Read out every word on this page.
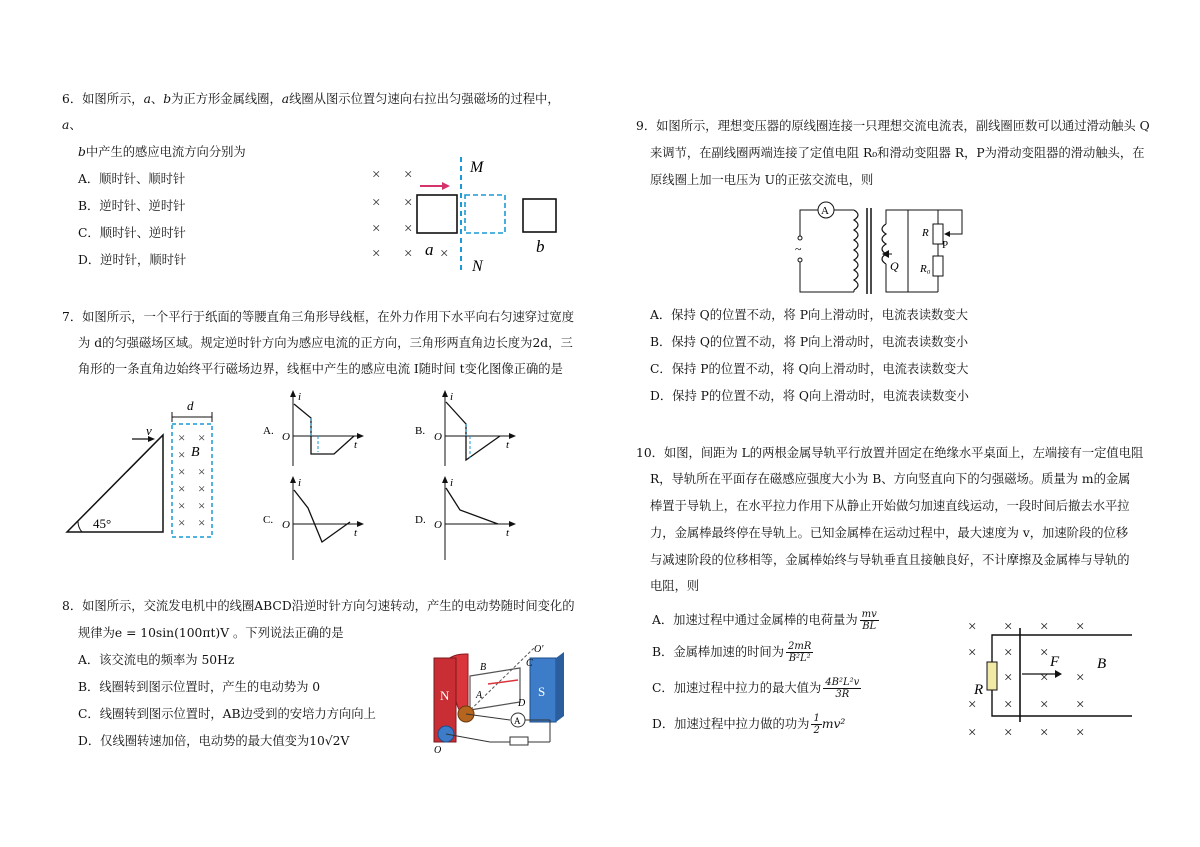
6．如图所示，𝑎、𝑏为正方形金属线圈，𝑎线圈从图示位置匀速向右拉出匀强磁场的过程中，
𝑎、
𝑏中产生的感应电流方向分别为
A．顺时针、顺时针
B．逆时针、逆时针
C．顺时针、逆时针
D．逆时针，顺时针
× ×
× ×
× ×
× × ×
M
N
a	b
7．如图所示，一个平行于纸面的等腰直角三角形导线框，在外力作用下水平向右匀速穿过宽度
为 d的匀强磁场区域。规定逆时针方向为感应电流的正方向，三角形两直角边长度为2d，三
角形的一条直角边始终平行磁场边界，线框中产生的感应电流 I随时间 t变化图像正确的是
45°
v
d
× ×
×
× ×
× ×
× ×
× ×
B
A.
i
O
t
B.
i
O
t
C.
i
O
t
D.
i
O
t
8．如图所示，交流发电机中的线圈ABCD沿逆时针方向匀速转动，产生的电动势随时间变化的
规律为e = 10sin(100πt)V 。下列说法正确的是
A．该交流电的频率为 50Hz
B．线圈转到图示位置时，产生的电动势为 0
C．线圈转到图示位置时，AB边受到的安培力方向向上
D．仅线圈转速加倍，电动势的最大值变为10√2V
N	S
B	C
D
A
O'
A
O
9．如图所示，理想变压器的原线圈连接一只理想交流电流表，副线圈匝数可以通过滑动触头 Q
来调节，在副线圈两端连接了定值电阻 R₀和滑动变阻器 R，P为滑动变阻器的滑动触头，在
原线圈上加一电压为 U的正弦交流电，则
~
A
Q
R
P
R₀
A．保持 Q的位置不动，将 P向上滑动时，电流表读数变大
B．保持 Q的位置不动，将 P向上滑动时，电流表读数变小
C．保持 P的位置不动，将 Q向上滑动时，电流表读数变大
D．保持 P的位置不动，将 Q向上滑动时，电流表读数变小
10．如图，间距为 L的两根金属导轨平行放置并固定在绝缘水平桌面上，左端接有一定值电阻
R，导轨所在平面存在磁感应强度大小为 B、方向竖直向下的匀强磁场。质量为 m的金属
棒置于导轨上，在水平拉力作用下从静止开始做匀加速直线运动，一段时间后撤去水平拉
力，金属棒最终停在导轨上。已知金属棒在运动过程中，最大速度为 v，加速阶段的位移
与减速阶段的位移相等，金属棒始终与导轨垂直且接触良好，不计摩擦及金属棒与导轨的
电阻，则
A．加速过程中通过金属棒的电荷量为 $\frac{mv}{BL}$
B．金属棒加速的时间为 $\frac{2mR}{\text{B²L²}}$
C．加速过程中拉力的最大值为 $\frac{\text{4B²L²v}}{3R}$
D．加速过程中拉力做的功为 $\frac{1}{2} mv^2$
× × × ×
× × ×
× × ×
× × × ×
× × × ×
R
F	B
